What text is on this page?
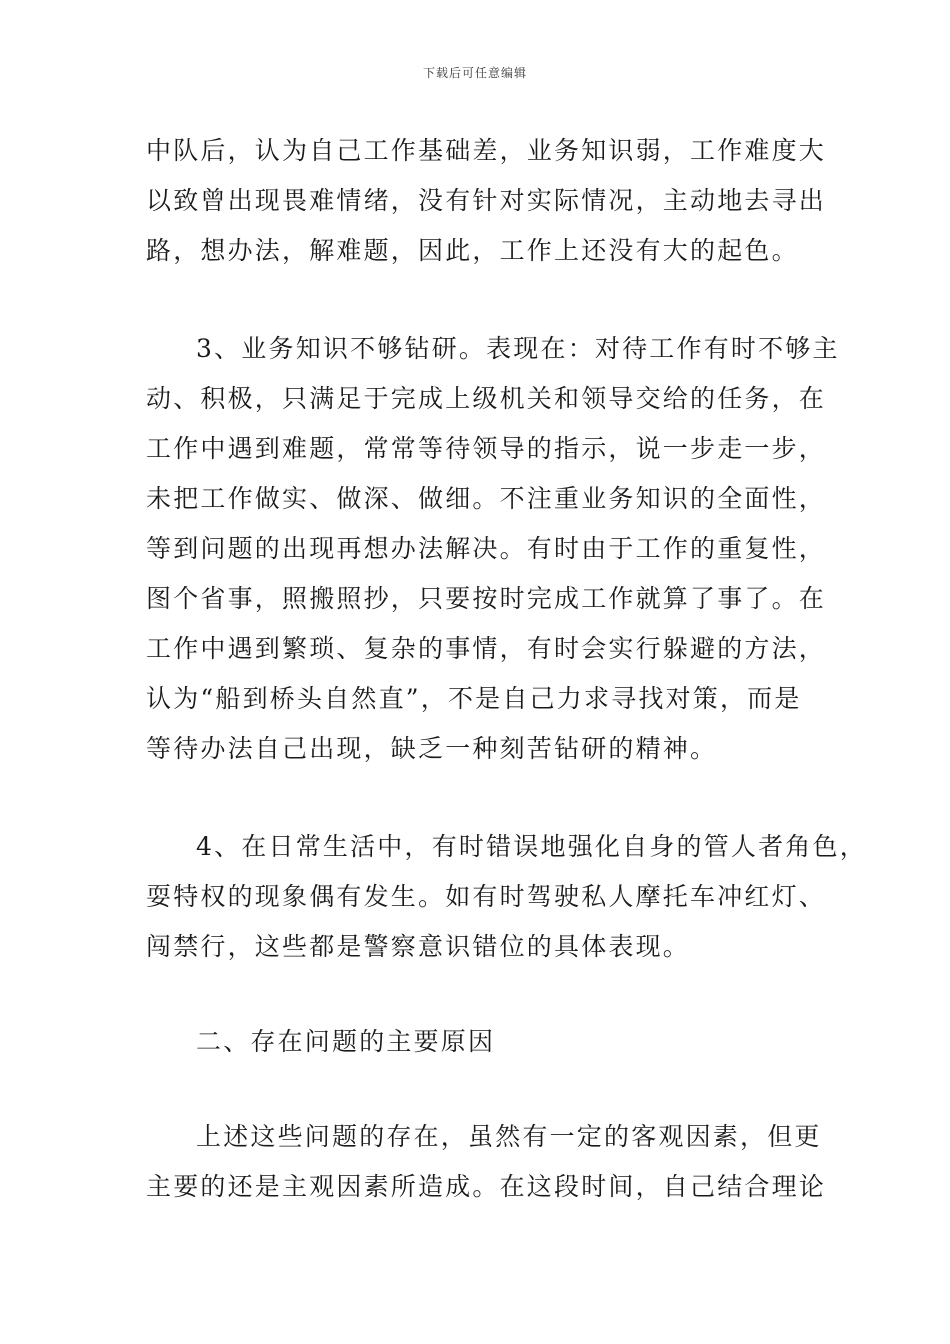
下载后可任意编辑
中队后，认为自己工作基础差，业务知识弱，工作难度大
以致曾出现畏难情绪，没有针对实际情况，主动地去寻出
路，想办法，解难题，因此，工作上还没有大的起色。
3、业务知识不够钻研。表现在：对待工作有时不够主
动、积极，只满足于完成上级机关和领导交给的任务，在
工作中遇到难题，常常等待领导的指示，说一步走一步，
未把工作做实、做深、做细。不注重业务知识的全面性，
等到问题的出现再想办法解决。有时由于工作的重复性，
图个省事，照搬照抄，只要按时完成工作就算了事了。在
工作中遇到繁琐、复杂的事情，有时会实行躲避的方法，
认为“船到桥头自然直”，不是自己力求寻找对策，而是
等待办法自己出现，缺乏一种刻苦钻研的精神。
4、在日常生活中，有时错误地强化自身的管人者角色，
耍特权的现象偶有发生。如有时驾驶私人摩托车冲红灯、
闯禁行，这些都是警察意识错位的具体表现。
二、存在问题的主要原因
上述这些问题的存在，虽然有一定的客观因素，但更
主要的还是主观因素所造成。在这段时间，自己结合理论
